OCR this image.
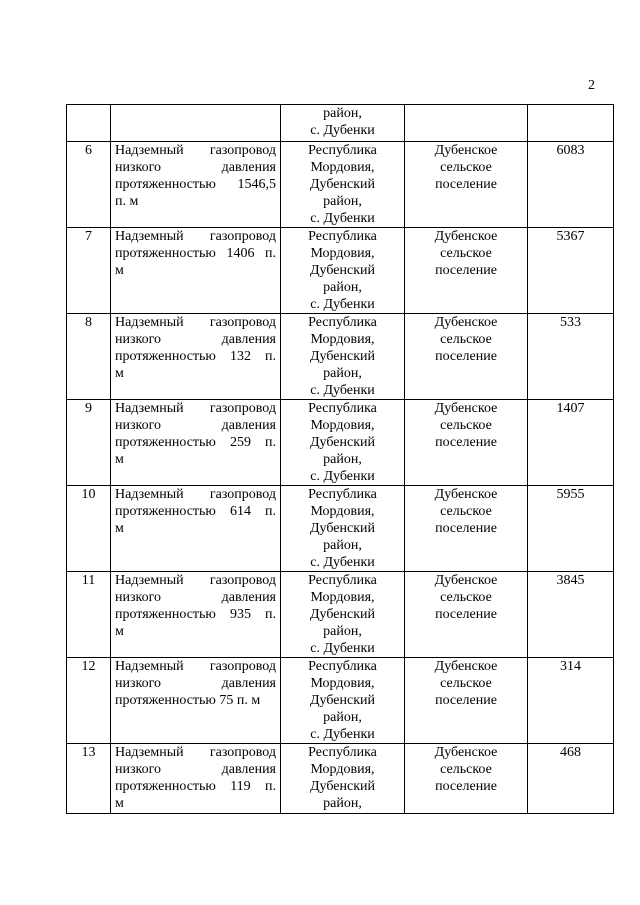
2

		район,
с. Дубенки		

6	Надземный газопровод
низкого давления
протяженностью 1546,5
п. м	Республика
Мордовия,
Дубенский
район,
с. Дубенки	Дубенское
сельское
поселение	6083
7	Надземный газопровод
протяженностью 1406 п.
м	Республика
Мордовия,
Дубенский
район,
с. Дубенки	Дубенское
сельское
поселение	5367
8	Надземный газопровод
низкого давления
протяженностью 132 п.
м	Республика
Мордовия,
Дубенский
район,
с. Дубенки	Дубенское
сельское
поселение	533
9	Надземный газопровод
низкого давления
протяженностью 259 п.
м	Республика
Мордовия,
Дубенский
район,
с. Дубенки	Дубенское
сельское
поселение	1407
10	Надземный газопровод
протяженностью 614 п.
м	Республика
Мордовия,
Дубенский
район,
с. Дубенки	Дубенское
сельское
поселение	5955
11	Надземный газопровод
низкого давления
протяженностью 935 п.
м	Республика
Мордовия,
Дубенский
район,
с. Дубенки	Дубенское
сельское
поселение	3845
12	Надземный газопровод
низкого давления
протяженностью 75 п. м	Республика
Мордовия,
Дубенский
район,
с. Дубенки	Дубенское
сельское
поселение	314
13	Надземный газопровод
низкого давления
протяженностью 119 п.
м	Республика
Мордовия,
Дубенский
район,	Дубенское
сельское
поселение	468
